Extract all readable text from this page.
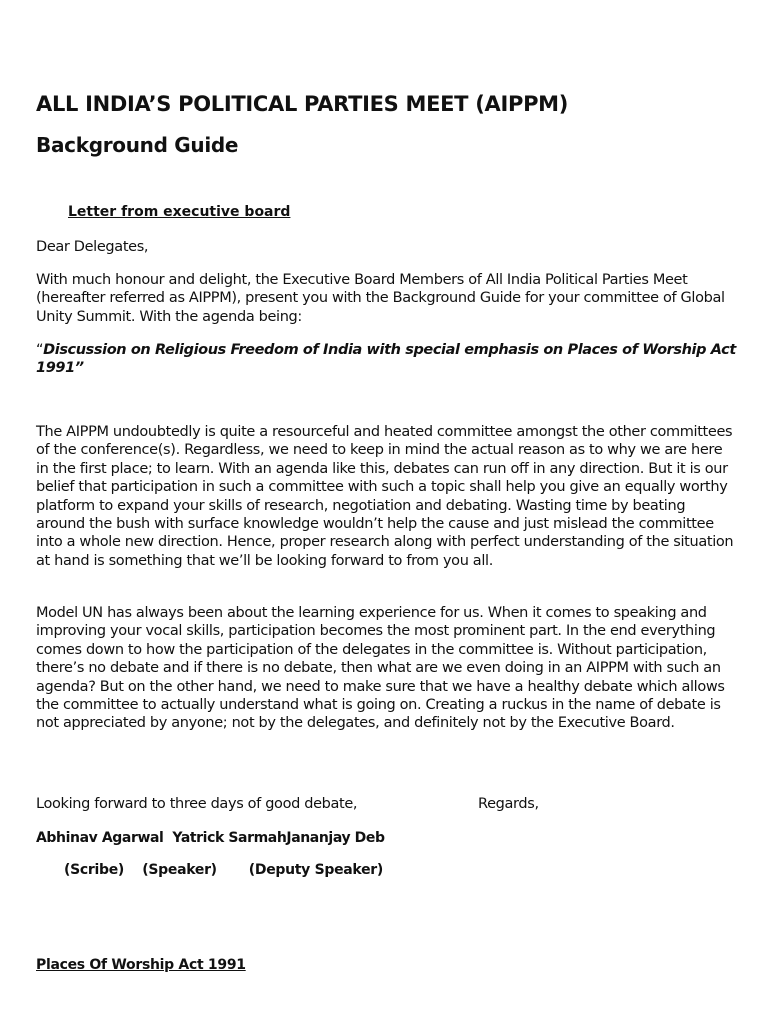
ALL INDIA’S POLITICAL PARTIES MEET (AIPPM)
Background Guide
Letter from executive board

Dear Delegates,

With much honour and delight, the Executive Board Members of All India Political Parties Meet (hereafter referred as AIPPM), present you with the Background Guide for your committee of Global Unity Summit. With the agenda being:

“Discussion on Religious Freedom of India with special emphasis on Places of Worship Act 1991”

The AIPPM undoubtedly is quite a resourceful and heated committee amongst the other committees of the conference(s). Regardless, we need to keep in mind the actual reason as to why we are here in the first place; to learn. With an agenda like this, debates can run off in any direction. But it is our belief that participation in such a committee with such a topic shall help you give an equally worthy platform to expand your skills of research, negotiation and debating. Wasting time by beating around the bush with surface knowledge wouldn’t help the cause and just mislead the committee into a whole new direction. Hence, proper research along with perfect understanding of the situation at hand is something that we’ll be looking forward to from you all.

Model UN has always been about the learning experience for us. When it comes to speaking and improving your vocal skills, participation becomes the most prominent part. In the end everything comes down to how the participation of the delegates in the committee is. Without participation, there’s no debate and if there is no debate, then what are we even doing in an AIPPM with such an agenda? But on the other hand, we need to make sure that we have a healthy debate which allows the committee to actually understand what is going on. Creating a ruckus in the name of debate is not appreciated by anyone; not by the delegates, and definitely not by the Executive Board.

Looking forward to three days of good debate,	Regards,
Abhinav Agarwal  Yatrick SarmahJananjay Deb
(Scribe)    (Speaker)       (Deputy Speaker)
Places Of Worship Act 1991
